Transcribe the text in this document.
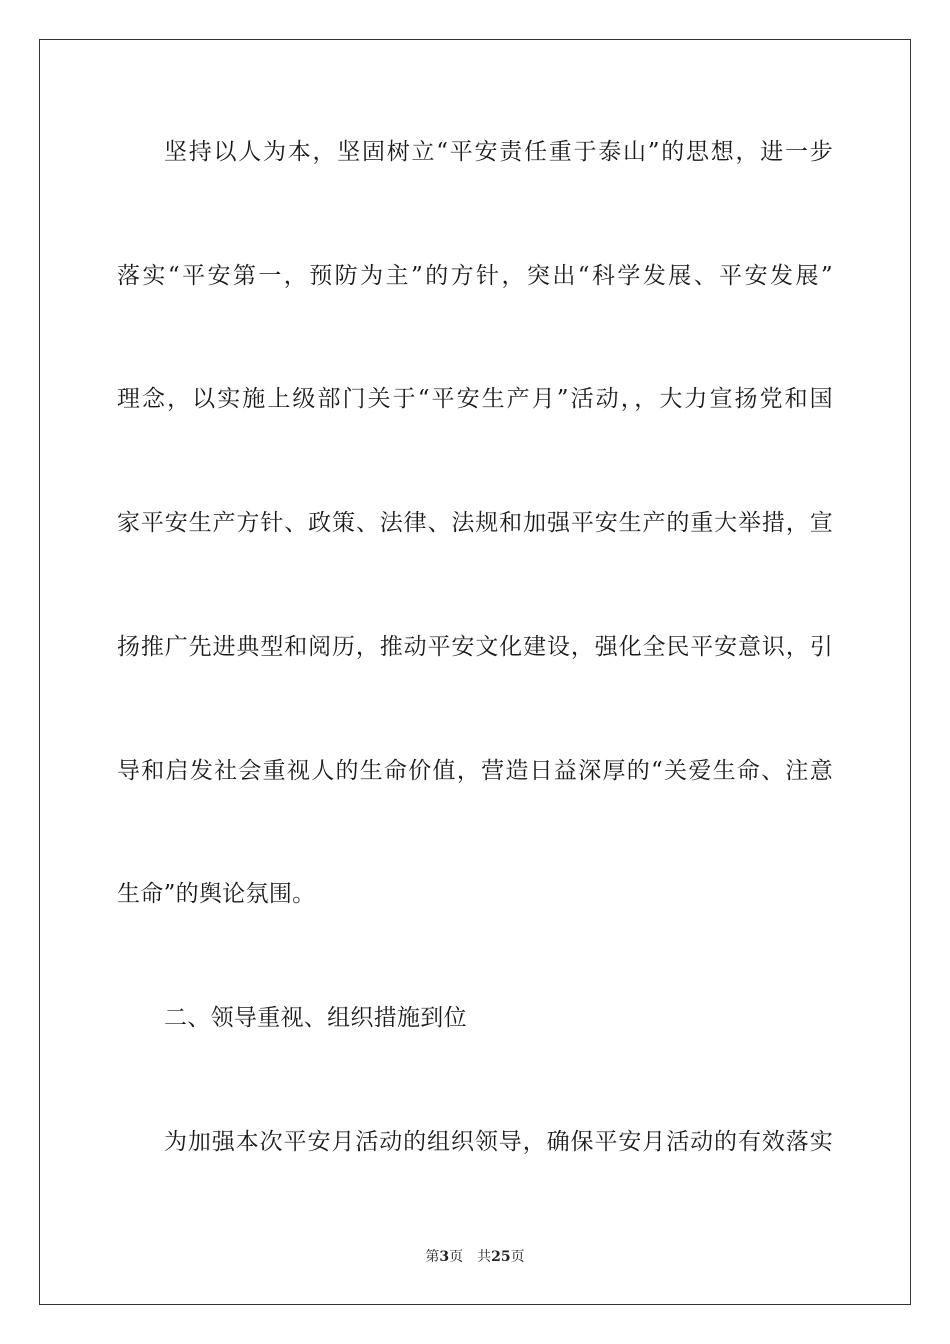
坚持以人为本，坚固树立“平安责任重于泰山”的思想，进一步
落实“平安第一，预防为主”的方针，突出“科学发展、平安发展”
理念，以实施上级部门关于“平安生产月”活动，，大力宣扬党和国
家平安生产方针、政策、法律、法规和加强平安生产的重大举措，宣
扬推广先进典型和阅历，推动平安文化建设，强化全民平安意识，引
导和启发社会重视人的生命价值，营造日益深厚的“关爱生命、注意
生命”的舆论氛围。
二、领导重视、组织措施到位
为加强本次平安月活动的组织领导，确保平安月活动的有效落实
第3页 共25页
